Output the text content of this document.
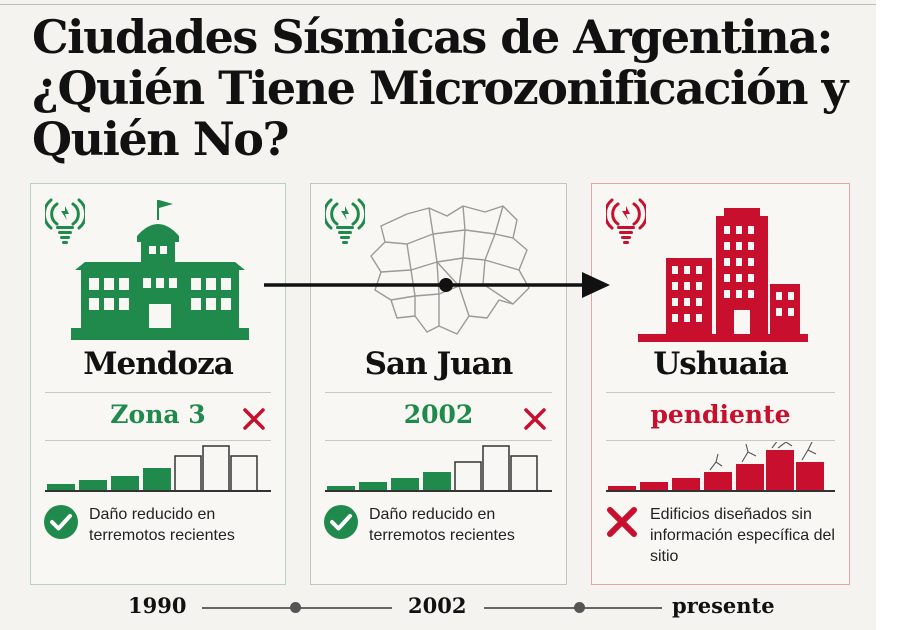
Ciudades Sísmicas de Argentina: ¿Quién Tiene Microzonificación y Quién No?
Mendoza
Zona 3
Daño reducido en terremotos recientes
San Juan
2002
Daño reducido en terremotos recientes
Ushuaia
pendiente
Edificios diseñados sin información específica del sitio
1990	2002	presente
